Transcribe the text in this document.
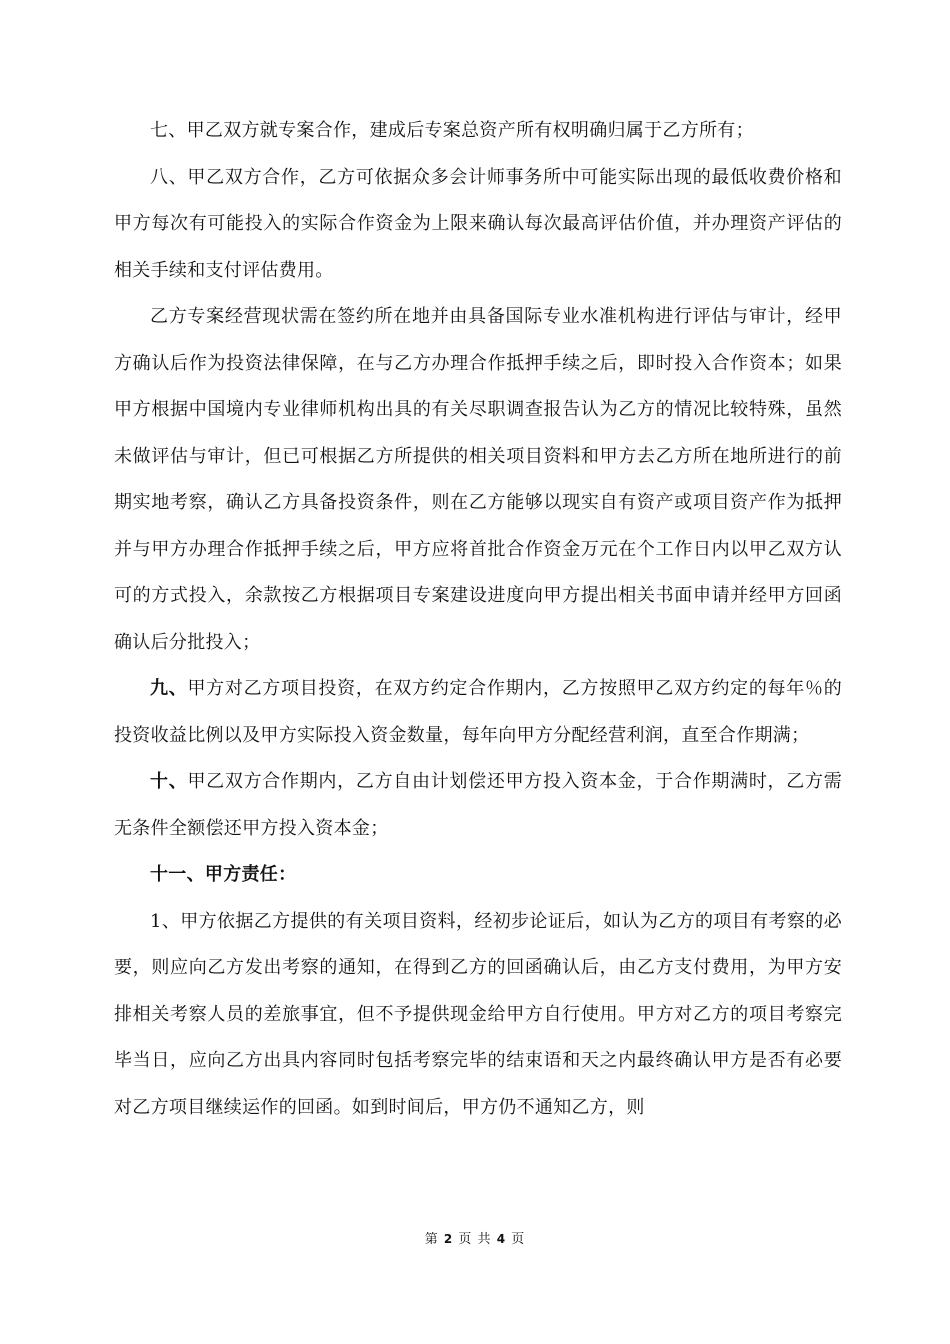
七、甲乙双方就专案合作，建成后专案总资产所有权明确归属于乙方所有；

八、甲乙双方合作，乙方可依据众多会计师事务所中可能实际出现的最低收费价格和甲方每次有可能投入的实际合作资金为上限来确认每次最高评估价值，并办理资产评估的相关手续和支付评估费用。

乙方专案经营现状需在签约所在地并由具备国际专业水准机构进行评估与审计，经甲方确认后作为投资法律保障，在与乙方办理合作抵押手续之后，即时投入合作资本；如果甲方根据中国境内专业律师机构出具的有关尽职调查报告认为乙方的情况比较特殊，虽然未做评估与审计，但已可根据乙方所提供的相关项目资料和甲方去乙方所在地所进行的前期实地考察，确认乙方具备投资条件，则在乙方能够以现实自有资产或项目资产作为抵押并与甲方办理合作抵押手续之后，甲方应将首批合作资金万元在个工作日内以甲乙双方认可的方式投入，余款按乙方根据项目专案建设进度向甲方提出相关书面申请并经甲方回函确认后分批投入；

九、甲方对乙方项目投资，在双方约定合作期内，乙方按照甲乙双方约定的每年％的投资收益比例以及甲方实际投入资金数量，每年向甲方分配经营利润，直至合作期满；

十、甲乙双方合作期内，乙方自由计划偿还甲方投入资本金，于合作期满时，乙方需无条件全额偿还甲方投入资本金；

十一、甲方责任：

1、甲方依据乙方提供的有关项目资料，经初步论证后，如认为乙方的项目有考察的必要，则应向乙方发出考察的通知，在得到乙方的回函确认后，由乙方支付费用，为甲方安排相关考察人员的差旅事宜，但不予提供现金给甲方自行使用。甲方对乙方的项目考察完毕当日，应向乙方出具内容同时包括考察完毕的结束语和天之内最终确认甲方是否有必要对乙方项目继续运作的回函。如到时间后，甲方仍不通知乙方，则

第 2 页 共 4 页
